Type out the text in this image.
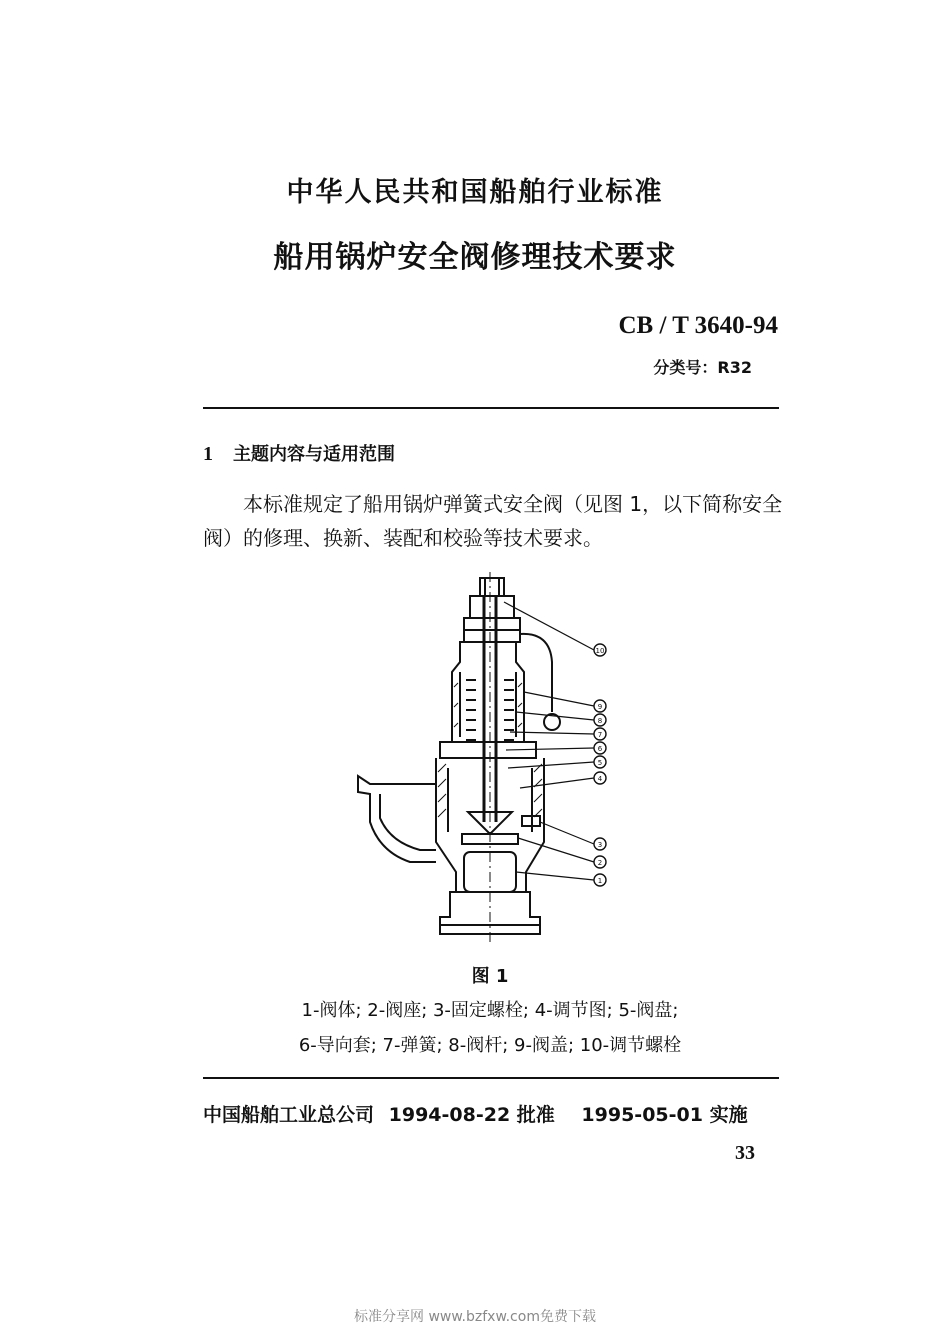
中华人民共和国船舶行业标准
船用锅炉安全阀修理技术要求
CB / T 3640-94
分类号：R32
1 主题内容与适用范围
本标准规定了船用锅炉弹簧式安全阀（见图 1，以下简称安全阀）的修理、换新、装配和校验等技术要求。
10
9
8
7
6
5
4
3
2
1
图 1
1-阀体; 2-阀座; 3-固定螺栓; 4-调节图; 5-阀盘;
6-导向套; 7-弹簧; 8-阀杆; 9-阀盖; 10-调节螺栓
中国船舶工业总公司 1994-08-22 批准 1995-05-01 实施
33
标准分享网 www.bzfxw.com免费下载
